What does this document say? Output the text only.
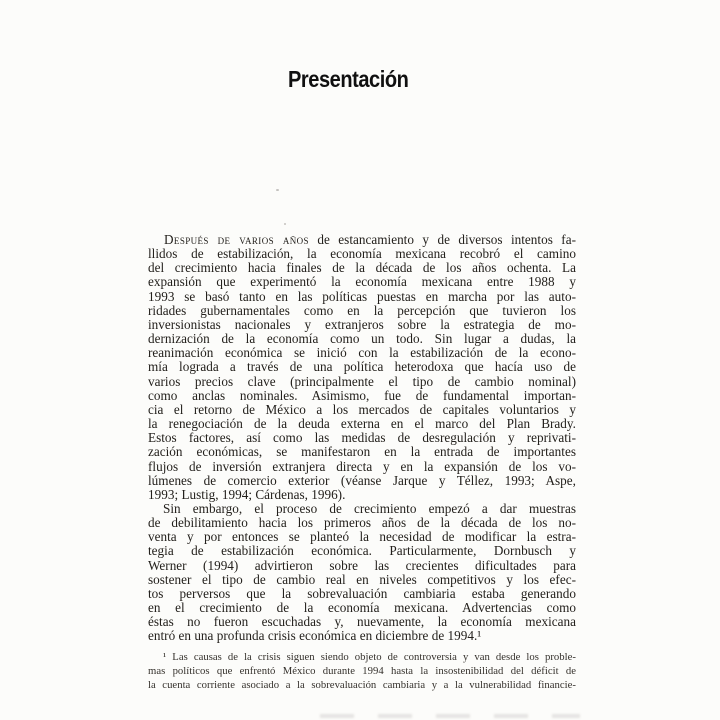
Presentación
Después de varios años de estancamiento y de diversos intentos fa-
llidos de estabilización, la economía mexicana recobró el camino
del crecimiento hacia finales de la década de los años ochenta. La
expansión que experimentó la economía mexicana entre 1988 y
1993 se basó tanto en las políticas puestas en marcha por las auto-
ridades gubernamentales como en la percepción que tuvieron los
inversionistas nacionales y extranjeros sobre la estrategia de mo-
dernización de la economía como un todo. Sin lugar a dudas, la
reanimación económica se inició con la estabilización de la econo-
mía lograda a través de una política heterodoxa que hacía uso de
varios precios clave (principalmente el tipo de cambio nominal)
como anclas nominales. Asimismo, fue de fundamental importan-
cia el retorno de México a los mercados de capitales voluntarios y
la renegociación de la deuda externa en el marco del Plan Brady.
Estos factores, así como las medidas de desregulación y reprivati-
zación económicas, se manifestaron en la entrada de importantes
flujos de inversión extranjera directa y en la expansión de los vo-
lúmenes de comercio exterior (véanse Jarque y Téllez, 1993; Aspe,
1993; Lustig, 1994; Cárdenas, 1996).
Sin embargo, el proceso de crecimiento empezó a dar muestras
de debilitamiento hacia los primeros años de la década de los no-
venta y por entonces se planteó la necesidad de modificar la estra-
tegia de estabilización económica. Particularmente, Dornbusch y
Werner (1994) advirtieron sobre las crecientes dificultades para
sostener el tipo de cambio real en niveles competitivos y los efec-
tos perversos que la sobrevaluación cambiaria estaba generando
en el crecimiento de la economía mexicana. Advertencias como
éstas no fueron escuchadas y, nuevamente, la economía mexicana
entró en una profunda crisis económica en diciembre de 1994.¹
¹ Las causas de la crisis siguen siendo objeto de controversia y van desde los proble-
mas políticos que enfrentó México durante 1994 hasta la insostenibilidad del déficit de
la cuenta corriente asociado a la sobrevaluación cambiaria y a la vulnerabilidad financie-
